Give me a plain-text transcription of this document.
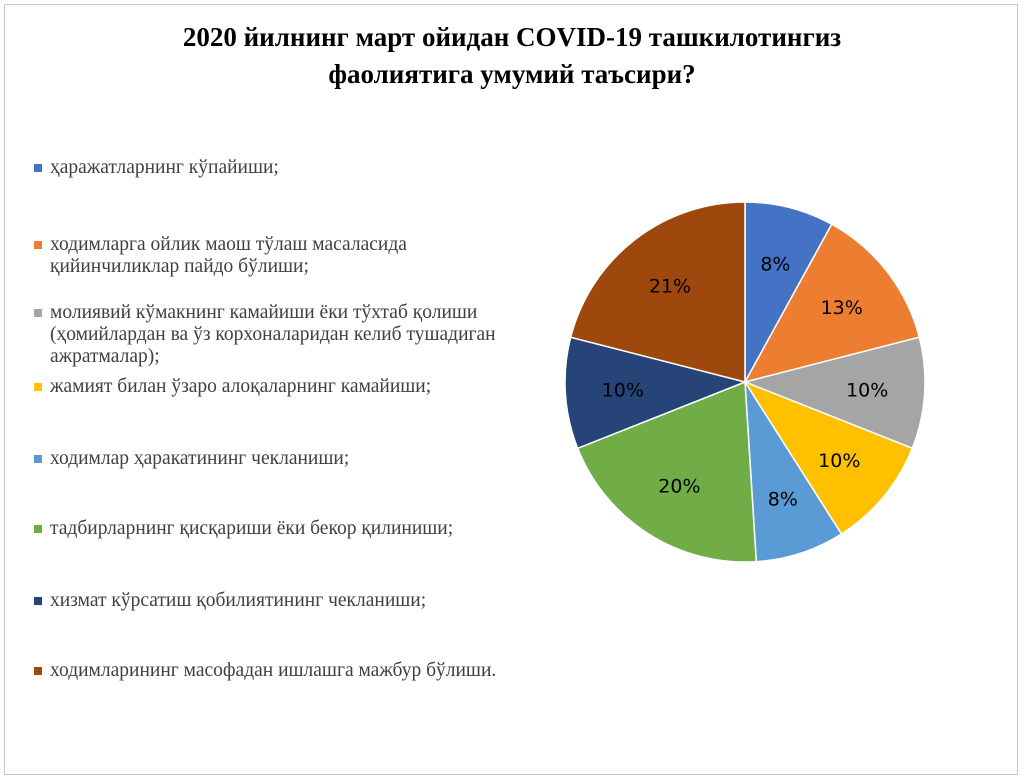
2020 йилнинг март ойидан COVID-19 ташкилотингиз
фаолиятига умумий таъсири?
ҳаражатларнинг кўпайиши;
ходимларга ойлик маош тўлаш масаласида қийинчиликлар пайдо бўлиши;
молиявий кўмакнинг камайиши ёки тўхтаб қолиши (ҳомийлардан ва ўз корхоналаридан келиб тушадиган ажратмалар);
жамият билан ўзаро алоқаларнинг камайиши;
ходимлар ҳаракатининг чекланиши;
тадбирларнинг қисқариши ёки бекор қилиниши;
хизмат кўрсатиш қобилиятининг чекланиши;
ходимларининг масофадан ишлашга мажбур бўлиши.
8%
13%
10%
10%
8%
20%
10%
21%
